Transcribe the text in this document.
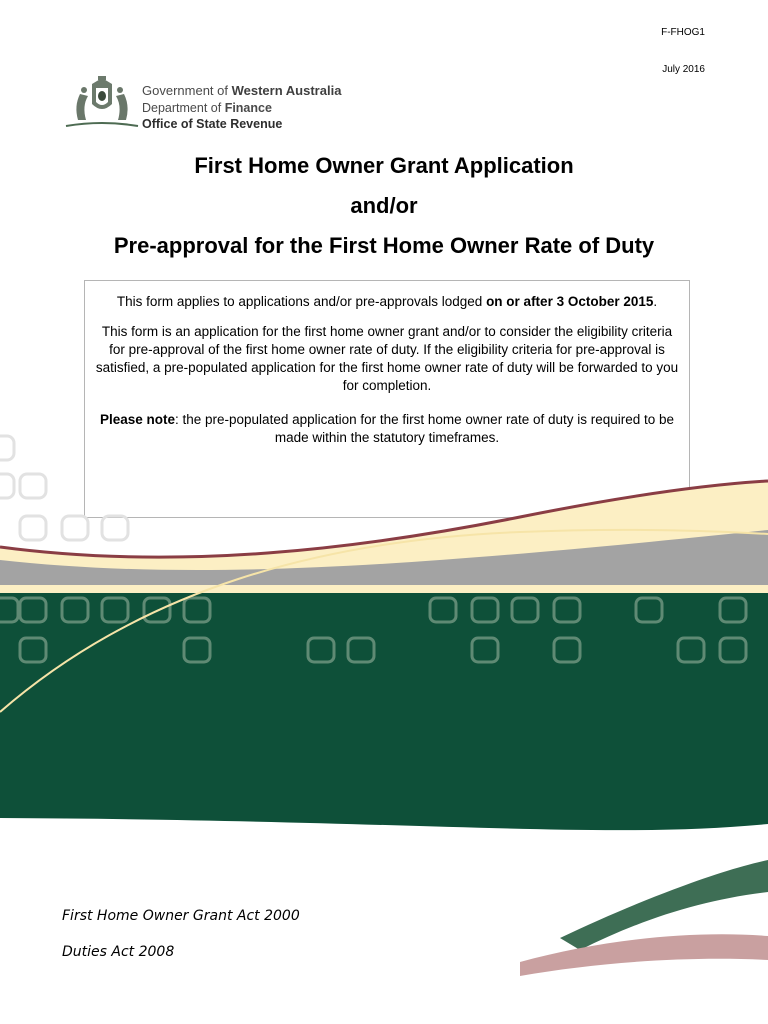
F-FHOG1
July 2016
Government of Western Australia
Department of Finance
Office of State Revenue
First Home Owner Grant Application
and/or
Pre-approval for the First Home Owner Rate of Duty

This form applies to applications and/or pre-approvals lodged on or after 3 October 2015.

This form is an application for the first home owner grant and/or to consider the eligibility criteria for pre-approval of the first home owner rate of duty. If the eligibility criteria for pre-approval is satisfied, a pre-populated application for the first home owner rate of duty will be forwarded to you for completion.

Please note: the pre-populated application for the first home owner rate of duty is required to be made within the statutory timeframes.

First Home Owner Grant Act 2000
Duties Act 2008
